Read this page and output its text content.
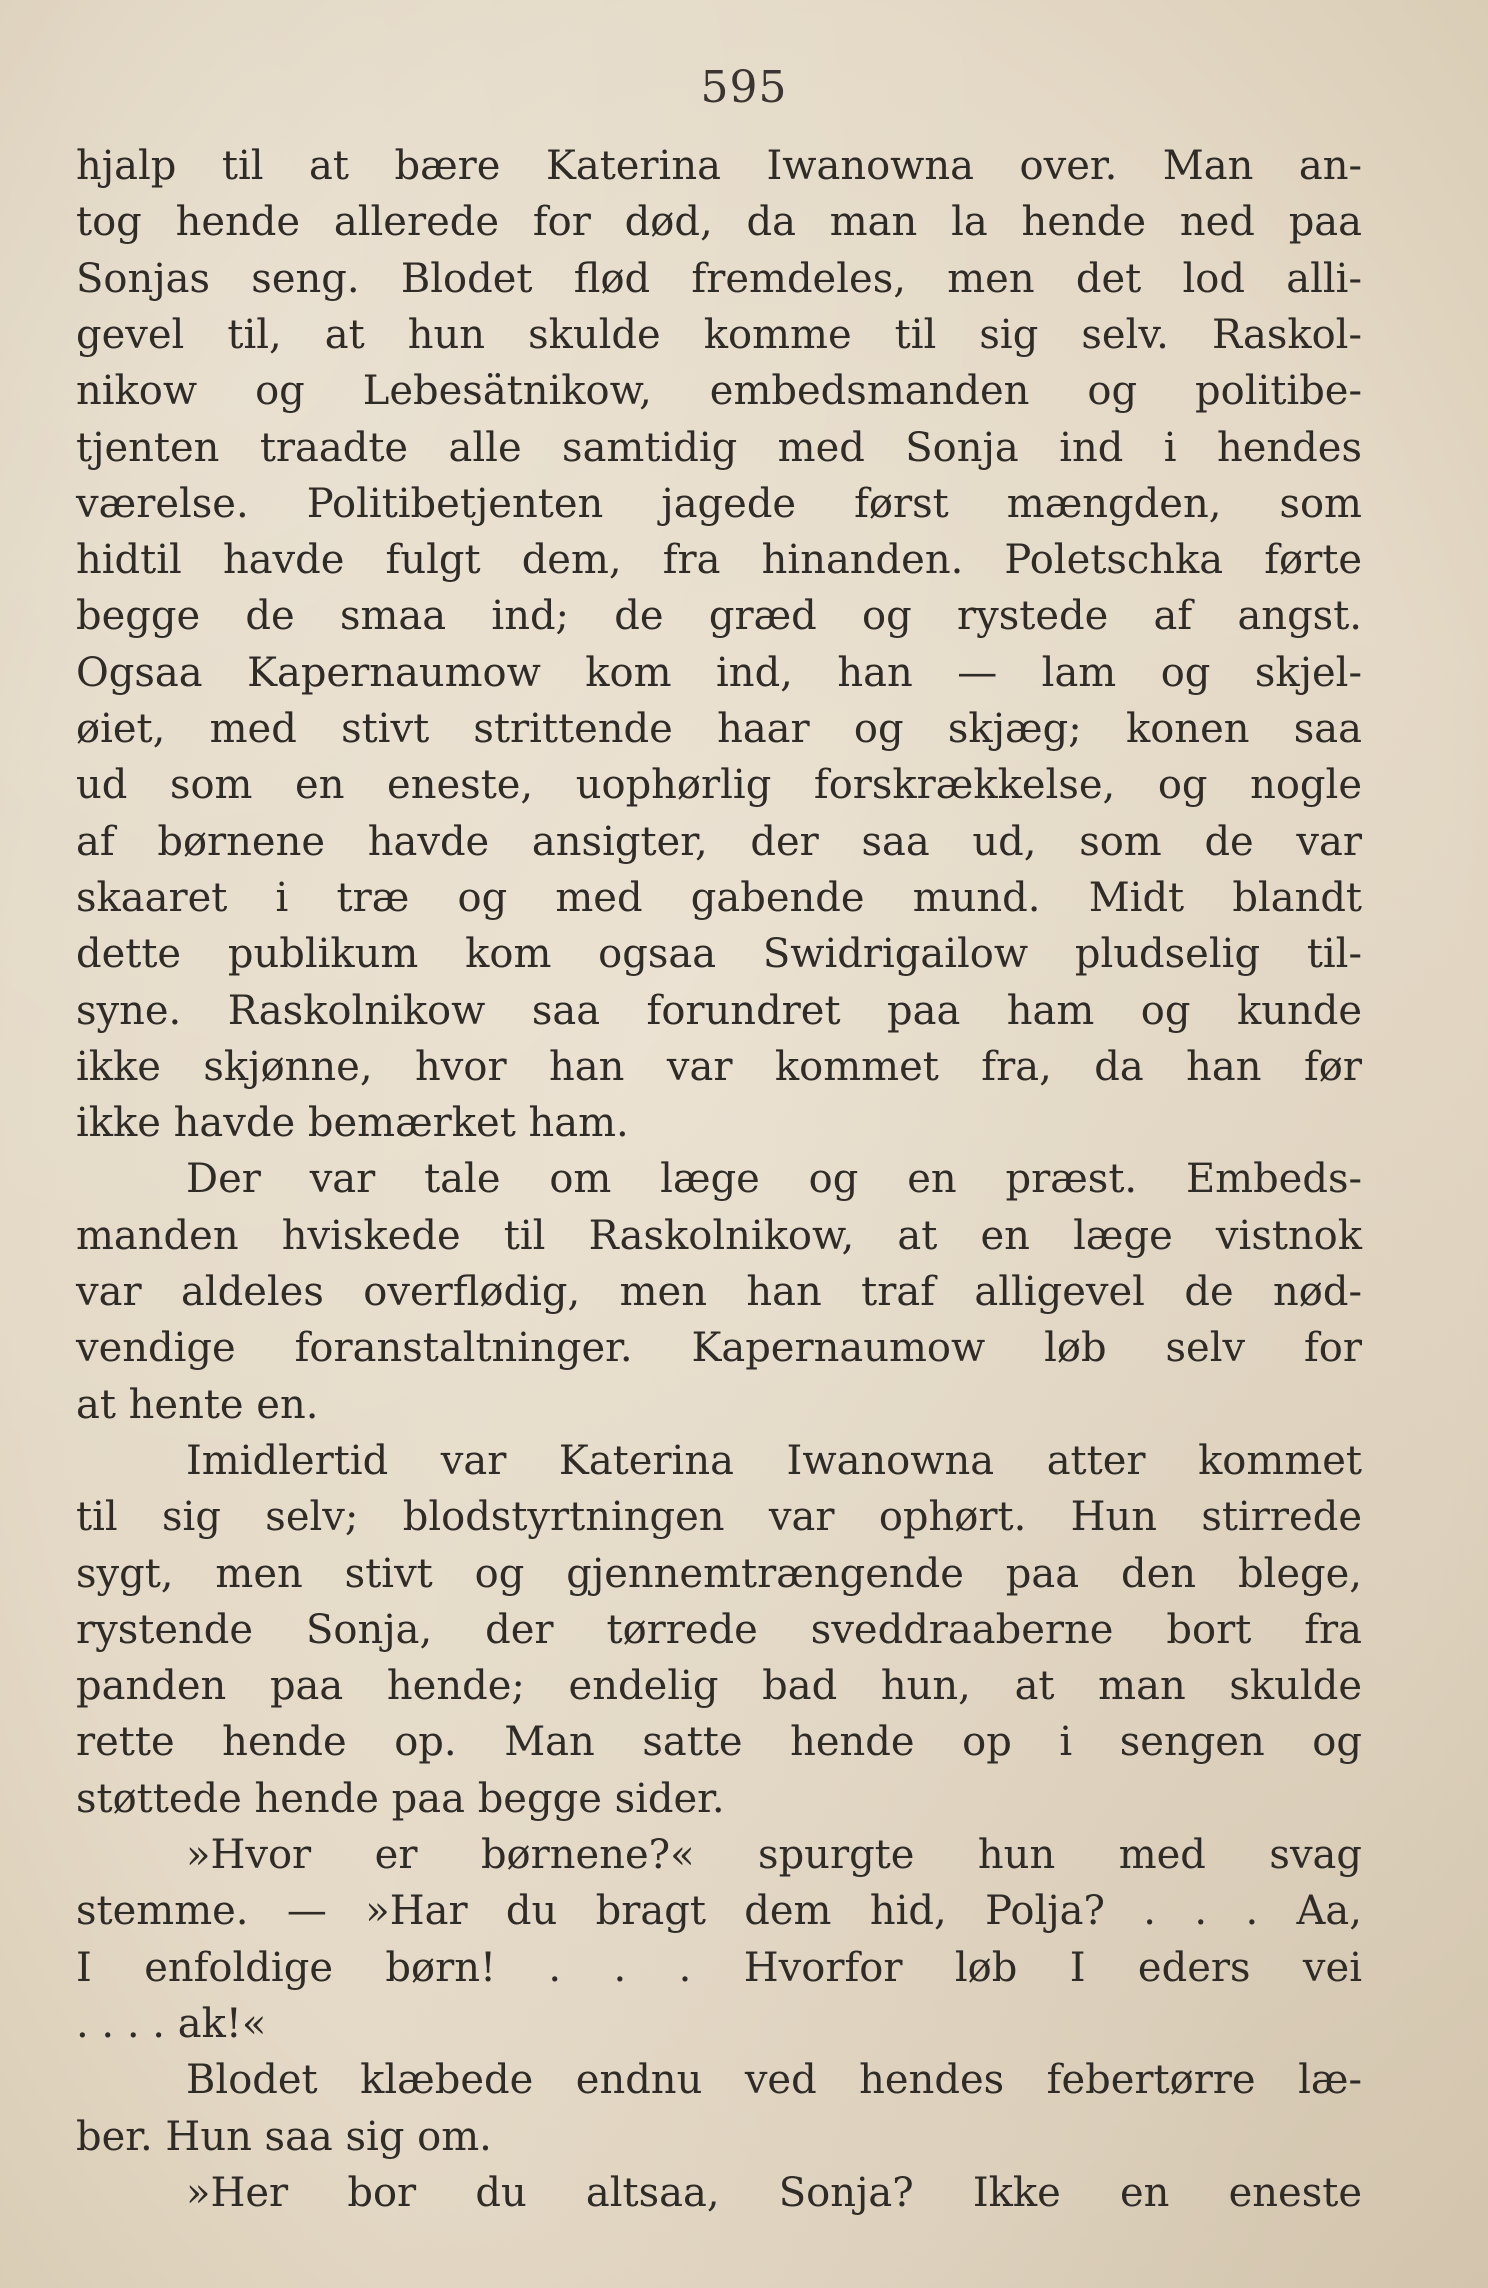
595
hjalp til at bære Katerina Iwanowna over. Man an-
tog hende allerede for død, da man la hende ned paa
Sonjas seng. Blodet flød fremdeles, men det lod alli-
gevel til, at hun skulde komme til sig selv. Raskol-
nikow og Lebesätnikow, embedsmanden og politibe-
tjenten traadte alle samtidig med Sonja ind i hendes
værelse. Politibetjenten jagede først mængden, som
hidtil havde fulgt dem, fra hinanden. Poletschka førte
begge de smaa ind; de græd og rystede af angst.
Ogsaa Kapernaumow kom ind, han — lam og skjel-
øiet, med stivt strittende haar og skjæg; konen saa
ud som en eneste, uophørlig forskrækkelse, og nogle
af børnene havde ansigter, der saa ud, som de var
skaaret i træ og med gabende mund. Midt blandt
dette publikum kom ogsaa Swidrigailow pludselig til-
syne. Raskolnikow saa forundret paa ham og kunde
ikke skjønne, hvor han var kommet fra, da han før
ikke havde bemærket ham.
Der var tale om læge og en præst. Embeds-
manden hviskede til Raskolnikow, at en læge vistnok
var aldeles overflødig, men han traf alligevel de nød-
vendige foranstaltninger. Kapernaumow løb selv for
at hente en.
Imidlertid var Katerina Iwanowna atter kommet
til sig selv; blodstyrtningen var ophørt. Hun stirrede
sygt, men stivt og gjennemtrængende paa den blege,
rystende Sonja, der tørrede sveddraaberne bort fra
panden paa hende; endelig bad hun, at man skulde
rette hende op. Man satte hende op i sengen og
støttede hende paa begge sider.
»Hvor er børnene?« spurgte hun med svag
stemme. — »Har du bragt dem hid, Polja? . . . Aa,
I enfoldige børn! . . . Hvorfor løb I eders vei
. . . . ak!«
Blodet klæbede endnu ved hendes febertørre læ-
ber. Hun saa sig om.
»Her bor du altsaa, Sonja? Ikke en eneste
